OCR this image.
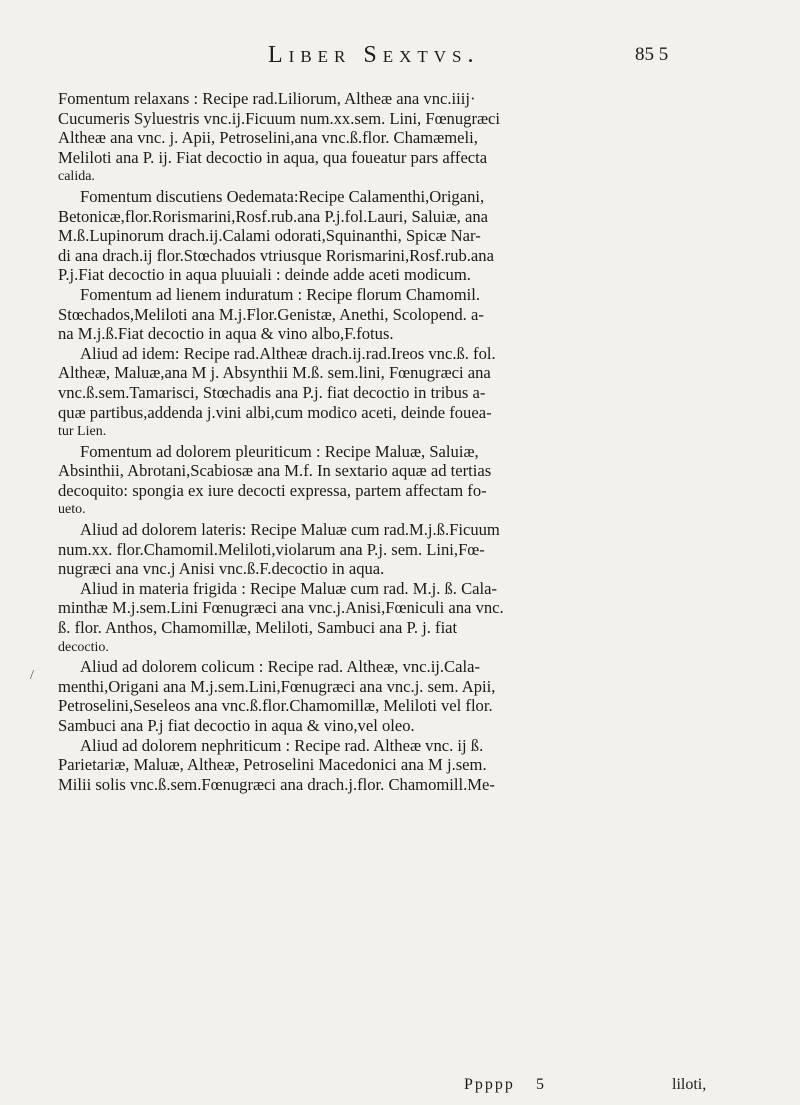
Liber Sextvs.	85 5
/
Fomentum relaxans : Recipe rad.Liliorum, Altheæ ana vnc.iiij·
Cucumeris Syluestris vnc.ij.Ficuum num.xx.sem. Lini, Fœnugræci
Altheæ ana vnc. j. Apii, Petroselini,ana vnc.ß.flor. Chamæmeli,
Meliloti ana P. ij. Fiat decoctio in aqua, qua foueatur pars affecta
calida.
Fomentum discutiens Oedemata:Recipe Calamenthi,Origani,
Betonicæ,flor.Rorismarini,Rosf.rub.ana P.j.fol.Lauri, Saluiæ, ana
M.ß.Lupinorum drach.ij.Calami odorati,Squinanthi, Spicæ Nar-
di ana drach.ij flor.Stœchados vtriusque Rorismarini,Rosf.rub.ana
P.j.Fiat decoctio in aqua pluuiali : deinde adde aceti modicum.
Fomentum ad lienem induratum : Recipe florum Chamomil.
Stœchados,Meliloti ana M.j.Flor.Genistæ, Anethi, Scolopend. a-
na M.j.ß.Fiat decoctio in aqua & vino albo,F.fotus.
Aliud ad idem: Recipe rad.Altheæ drach.ij.rad.Ireos vnc.ß. fol.
Altheæ, Maluæ,ana M j. Absynthii M.ß. sem.lini, Fœnugræci ana
vnc.ß.sem.Tamarisci, Stœchadis ana P.j. fiat decoctio in tribus a-
quæ partibus,addenda j.vini albi,cum modico aceti, deinde fouea-
tur Lien.
Fomentum ad dolorem pleuriticum : Recipe Maluæ, Saluiæ,
Absinthii, Abrotani,Scabiosæ ana M.f. In sextario aquæ ad tertias
decoquito: spongia ex iure decocti expressa, partem affectam fo-
ueto.
Aliud ad dolorem lateris: Recipe Maluæ cum rad.M.j.ß.Ficuum
num.xx. flor.Chamomil.Meliloti,violarum ana P.j. sem. Lini,Fœ-
nugræci ana vnc.j Anisi vnc.ß.F.decoctio in aqua.
Aliud in materia frigida : Recipe Maluæ cum rad. M.j. ß. Cala-
minthæ M.j.sem.Lini Fœnugræci ana vnc.j.Anisi,Fœniculi ana vnc.
ß. flor. Anthos, Chamomillæ, Meliloti, Sambuci ana P. j. fiat
decoctio.
Aliud ad dolorem colicum : Recipe rad. Altheæ, vnc.ij.Cala-
menthi,Origani ana M.j.sem.Lini,Fœnugræci ana vnc.j. sem. Apii,
Petroselini,Seseleos ana vnc.ß.flor.Chamomillæ, Meliloti vel flor.
Sambuci ana P.j fiat decoctio in aqua & vino,vel oleo.
Aliud ad dolorem nephriticum : Recipe rad. Altheæ vnc. ij ß.
Parietariæ, Maluæ, Altheæ, Petroselini Macedonici ana M j.sem.
Milii solis vnc.ß.sem.Fœnugræci ana drach.j.flor. Chamomill.Me-
Ppppp 5	liloti,
